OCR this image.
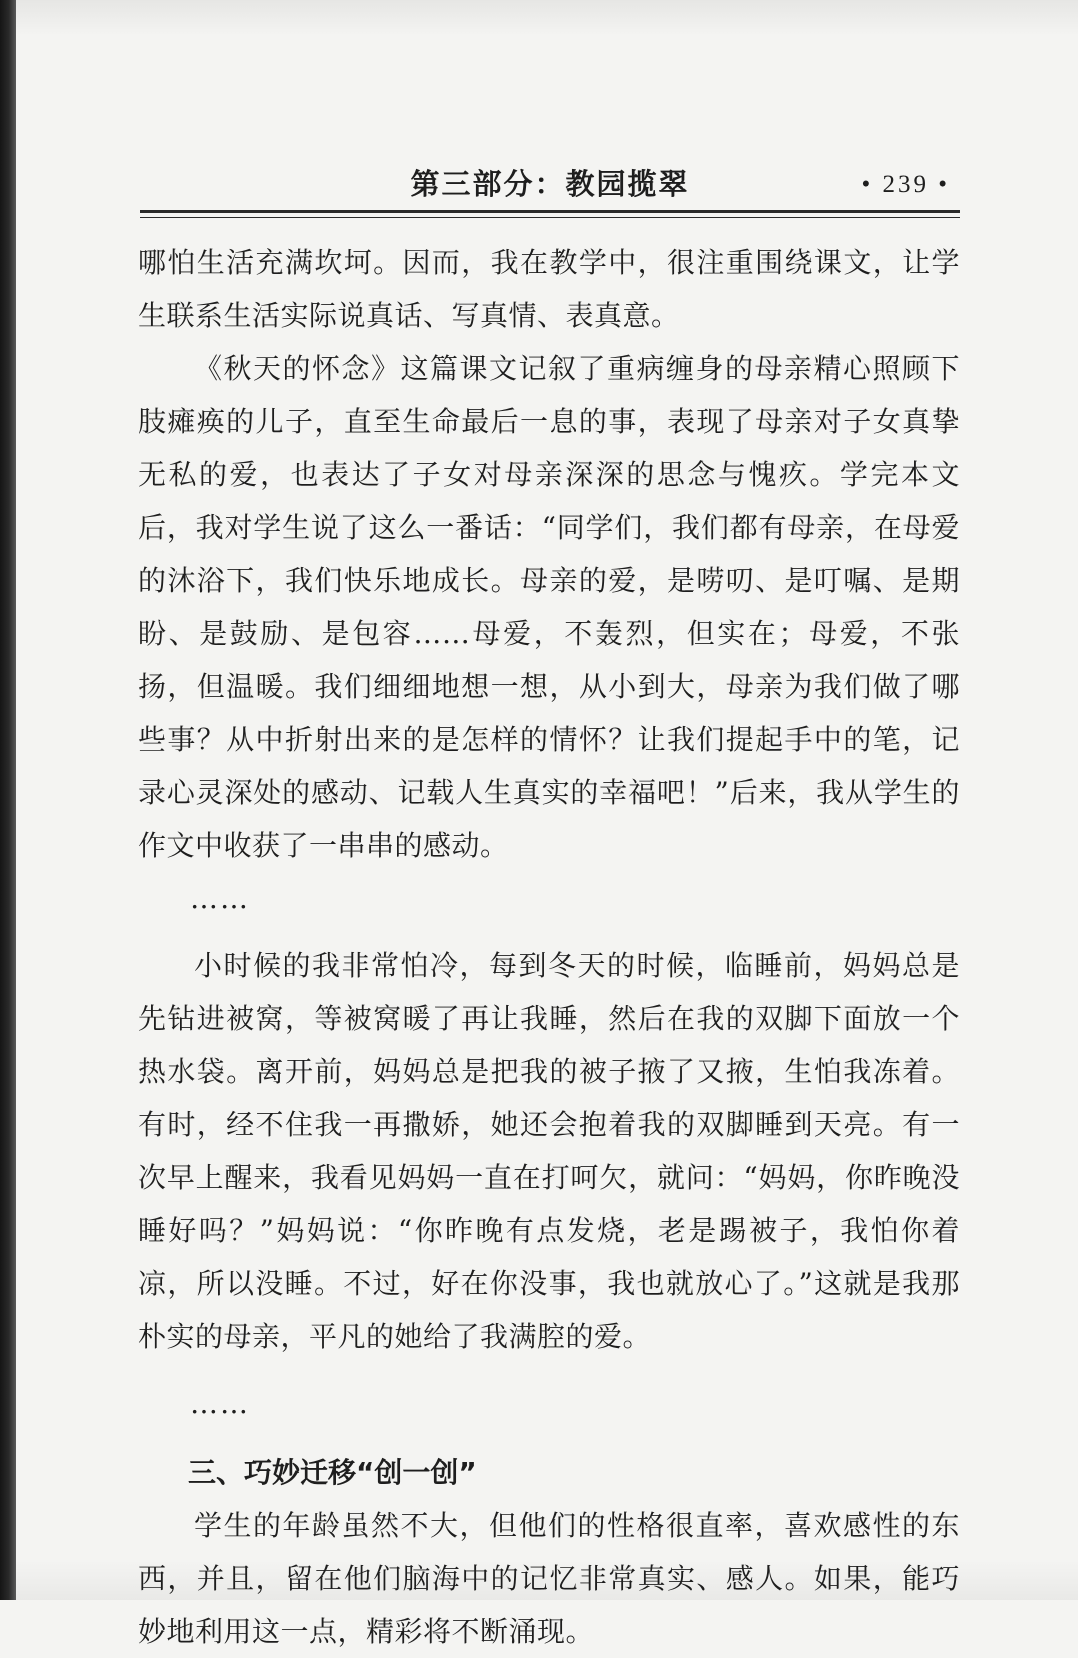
第三部分：教园揽翠	• 239 •

哪怕生活充满坎坷。因而，我在教学中，很注重围绕课文，让学生联系生活实际说真话、写真情、表真意。

《秋天的怀念》这篇课文记叙了重病缠身的母亲精心照顾下肢瘫痪的儿子，直至生命最后一息的事，表现了母亲对子女真挚无私的爱，也表达了子女对母亲深深的思念与愧疚。学完本文后，我对学生说了这么一番话：“同学们，我们都有母亲，在母爱的沐浴下，我们快乐地成长。母亲的爱，是唠叨、是叮嘱、是期盼、是鼓励、是包容……母爱，不轰烈，但实在；母爱，不张扬，但温暖。我们细细地想一想，从小到大，母亲为我们做了哪些事？从中折射出来的是怎样的情怀？让我们提起手中的笔，记录心灵深处的感动、记载人生真实的幸福吧！”后来，我从学生的作文中收获了一串串的感动。

……

小时候的我非常怕冷，每到冬天的时候，临睡前，妈妈总是先钻进被窝，等被窝暖了再让我睡，然后在我的双脚下面放一个热水袋。离开前，妈妈总是把我的被子掖了又掖，生怕我冻着。有时，经不住我一再撒娇，她还会抱着我的双脚睡到天亮。有一次早上醒来，我看见妈妈一直在打呵欠，就问：“妈妈，你昨晚没睡好吗？”妈妈说：“你昨晚有点发烧，老是踢被子，我怕你着凉，所以没睡。不过，好在你没事，我也就放心了。”这就是我那朴实的母亲，平凡的她给了我满腔的爱。

……

三、巧妙迁移“创一创”

学生的年龄虽然不大，但他们的性格很直率，喜欢感性的东西，并且，留在他们脑海中的记忆非常真实、感人。如果，能巧妙地利用这一点，精彩将不断涌现。
